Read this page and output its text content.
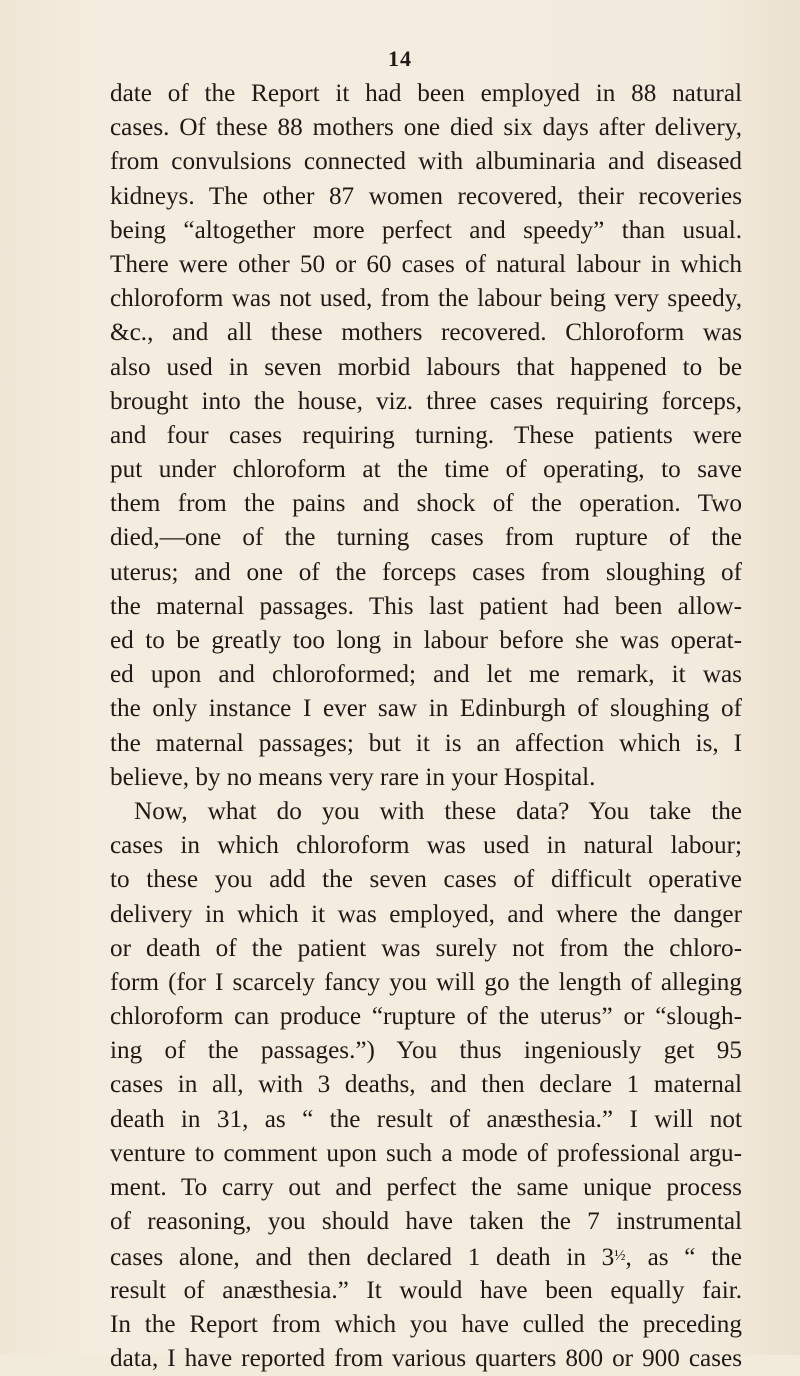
14
date of the Report it had been employed in 88 natural
cases. Of these 88 mothers one died six days after delivery,
from convulsions connected with albuminaria and diseased
kidneys. The other 87 women recovered, their recoveries
being “altogether more perfect and speedy” than usual.
There were other 50 or 60 cases of natural labour in which
chloroform was not used, from the labour being very speedy,
&c., and all these mothers recovered. Chloroform was
also used in seven morbid labours that happened to be
brought into the house, viz. three cases requiring forceps,
and four cases requiring turning. These patients were
put under chloroform at the time of operating, to save
them from the pains and shock of the operation. Two
died,—one of the turning cases from rupture of the
uterus; and one of the forceps cases from sloughing of
the maternal passages. This last patient had been allow-
ed to be greatly too long in labour before she was operat-
ed upon and chloroformed; and let me remark, it was
the only instance I ever saw in Edinburgh of sloughing of
the maternal passages; but it is an affection which is, I
believe, by no means very rare in your Hospital.
Now, what do you with these data? You take the
cases in which chloroform was used in natural labour;
to these you add the seven cases of difficult operative
delivery in which it was employed, and where the danger
or death of the patient was surely not from the chloro-
form (for I scarcely fancy you will go the length of alleging
chloroform can produce “rupture of the uterus” or “slough-
ing of the passages.”) You thus ingeniously get 95
cases in all, with 3 deaths, and then declare 1 maternal
death in 31, as “ the result of anæsthesia.” I will not
venture to comment upon such a mode of professional argu-
ment. To carry out and perfect the same unique process
of reasoning, you should have taken the 7 instrumental
cases alone, and then declared 1 death in 3½, as “ the
result of anæsthesia.” It would have been equally fair.
In the Report from which you have culled the preceding
data, I have reported from various quarters 800 or 900 cases
